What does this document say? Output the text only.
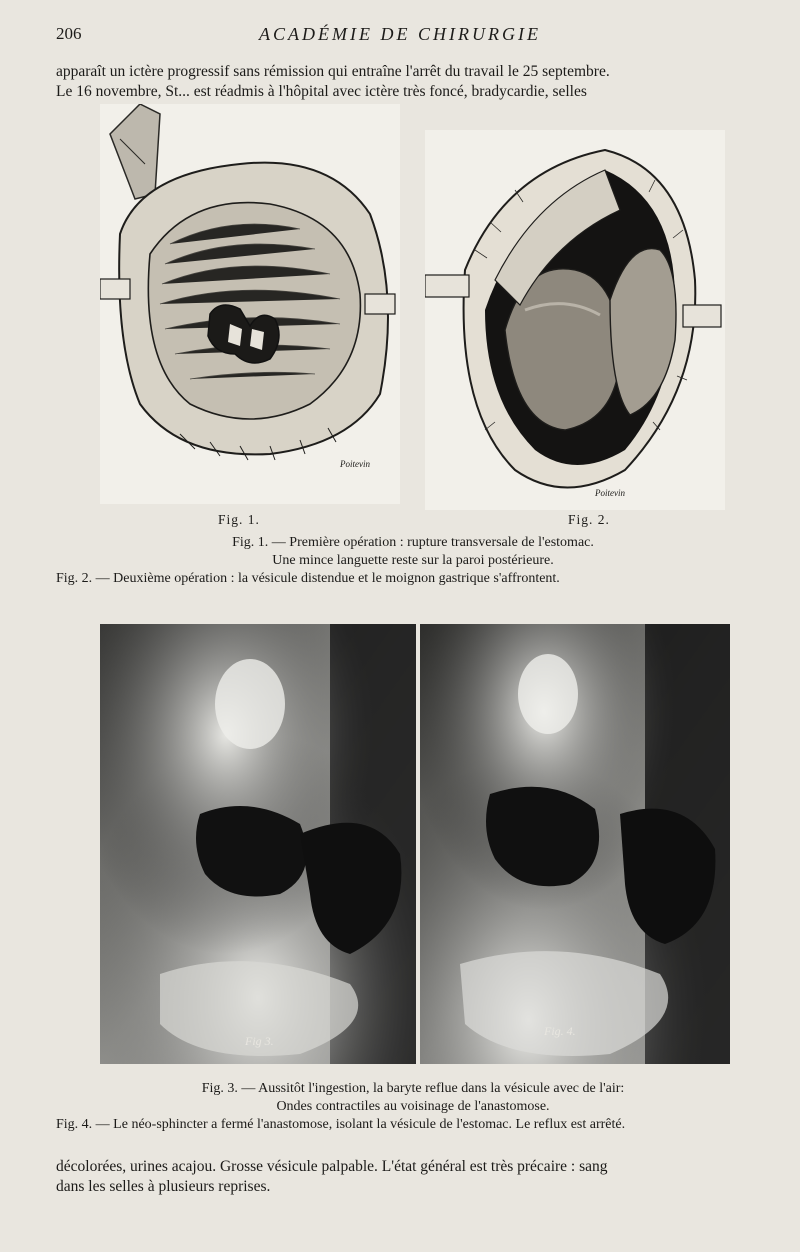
206	ACADÉMIE DE CHIRURGIE
apparaît un ictère progressif sans rémission qui entraîne l'arrêt du travail le 25 septembre.
Le 16 novembre, St... est réadmis à l'hôpital avec ictère très foncé, bradycardie, selles
Poitevin
Fig. 1.
Poitevin
Fig. 2.
Fig. 1. — Première opération : rupture transversale de l'estomac.
Une mince languette reste sur la paroi postérieure.
Fig. 2. — Deuxième opération : la vésicule distendue et le moignon gastrique s'affrontent.
Fig 3.
Fig. 4.
Fig. 3. — Aussitôt l'ingestion, la baryte reflue dans la vésicule avec de l'air:
Ondes contractiles au voisinage de l'anastomose.
Fig. 4. — Le néo-sphincter a fermé l'anastomose, isolant la vésicule de l'estomac. Le reflux est arrêté.
décolorées, urines acajou. Grosse vésicule palpable. L'état général est très précaire : sang
dans les selles à plusieurs reprises.
